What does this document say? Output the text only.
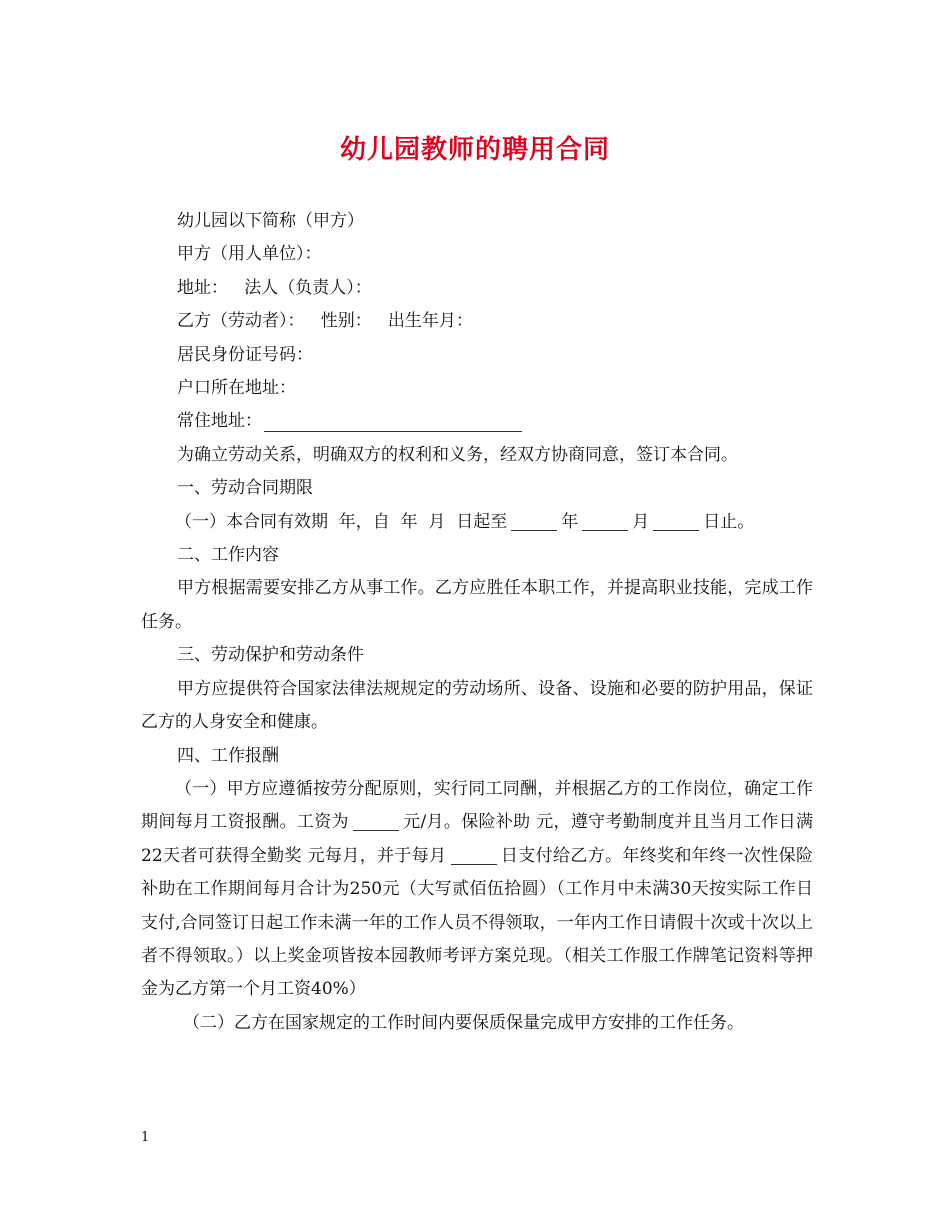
幼儿园教师的聘用合同

幼儿园以下简称（甲方）

甲方（用人单位）：

地址：   法人（负责人）：

乙方（劳动者）：   性别：   出生年月：

居民身份证号码：

户口所在地址：

常住地址：

为确立劳动关系，明确双方的权利和义务，经双方协商同意，签订本合同。

一、劳动合同期限

（一）本合同有效期  年，自  年  月  日起至	年	月	日止。

二、工作内容

甲方根据需要安排乙方从事工作。乙方应胜任本职工作，并提高职业技能，完成工作任务。

三、劳动保护和劳动条件

甲方应提供符合国家法律法规规定的劳动场所、设备、设施和必要的防护用品，保证乙方的人身安全和健康。

四、工作报酬

（一）甲方应遵循按劳分配原则，实行同工同酬，并根据乙方的工作岗位，确定工作期间每月工资报酬。工资为	元/月。保险补助 元，遵守考勤制度并且当月工作日满22天者可获得全勤奖 元每月，并于每月	日支付给乙方。年终奖和年终一次性保险补助在工作期间每月合计为250元（大写贰佰伍拾圆）（工作月中未满30天按实际工作日支付,合同签订日起工作未满一年的工作人员不得领取，一年内工作日请假十次或十次以上者不得领取。）以上奖金项皆按本园教师考评方案兑现。（相关工作服工作牌笔记资料等押金为乙方第一个月工资40%）

（二）乙方在国家规定的工作时间内要保质保量完成甲方安排的工作任务。

1
